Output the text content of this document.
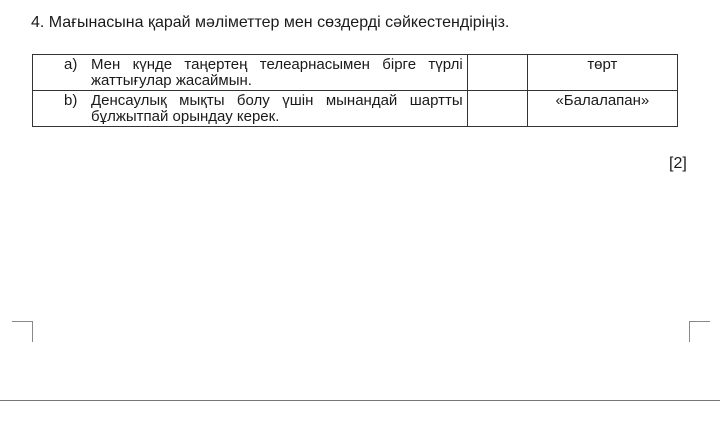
4. Мағынасына қарай мәліметтер мен сөздерді сәйкестендіріңіз.
a) Мен күнде таңертең телеарнасымен бірге түрлі жаттығулар жасаймын.		төрт

b) Денсаулық мықты болу үшін мынандай шартты бұлжытпай орындау керек.		«Балалапан»
[2]
